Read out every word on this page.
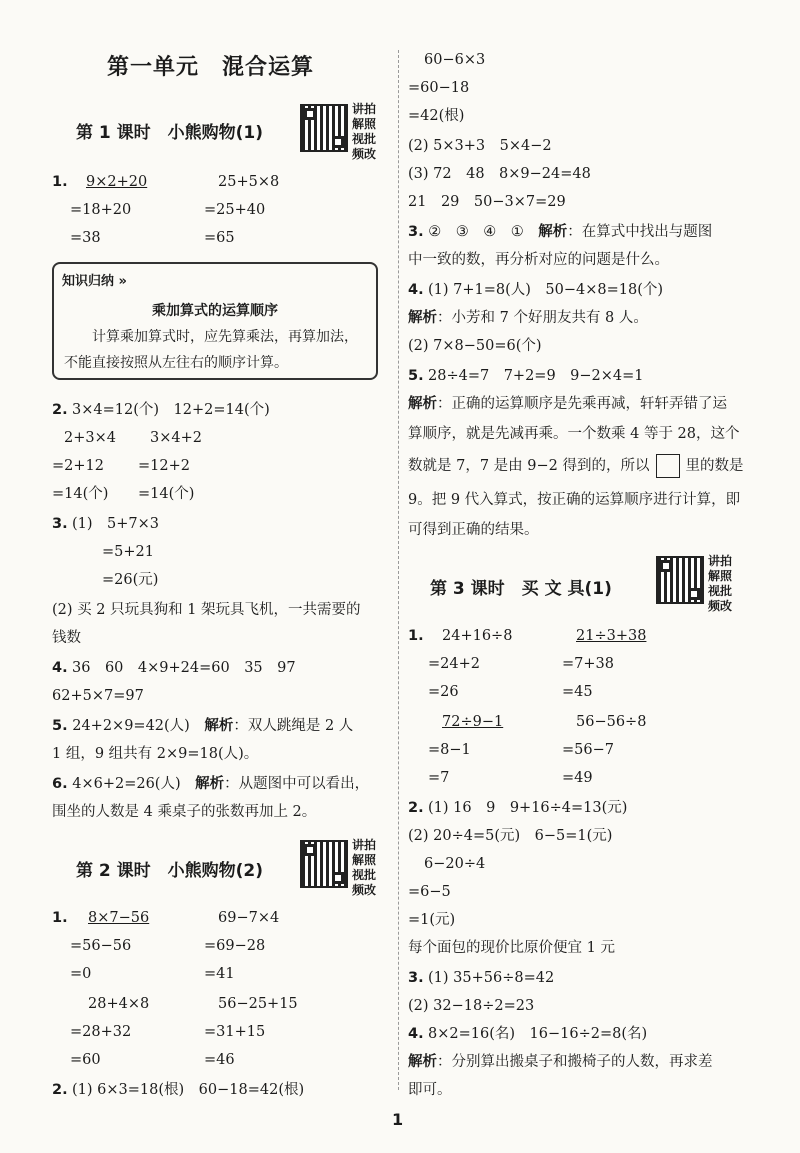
第一单元　混合运算
第 1 课时　小熊购物(1)
讲拍解照视批频改
1. 9×2+20
=18+20
=38
25+5×8
=25+40
=65
知识归纳 »
乘加算式的运算顺序
计算乘加算式时，应先算乘法，再算加法，不能直接按照从左往右的顺序计算。
2. 3×4=12(个)　12+2=14(个)
2+3×4
=2+12
=14(个)
3×4+2
=12+2
=14(个)
3. (1)　5+7×3
=5+21
=26(元)
(2) 买 2 只玩具狗和 1 架玩具飞机，一共需要的
钱数
4. 36　60　4×9+24=60　35　97
62+5×7=97
5. 24+2×9=42(人)　解析：双人跳绳是 2 人
1 组，9 组共有 2×9=18(人)。
6. 4×6+2=26(人)　解析：从题图中可以看出，
围坐的人数是 4 乘桌子的张数再加上 2。
第 2 课时　小熊购物(2)
讲拍解照视批频改
1. 8×7−56
=56−56
=0
69−7×4
=69−28
=41
28+4×8
=28+32
=60
56−25+15
=31+15
=46
2. (1) 6×3=18(根)　60−18=42(根)
60−6×3
=60−18
=42(根)
(2) 5×3+3　5×4−2
(3) 72　48　8×9−24=48
21　29　50−3×7=29
3. ②　③　④　①　解析：在算式中找出与题图
中一致的数，再分析对应的问题是什么。
4. (1) 7+1=8(人)　50−4×8=18(个)
解析：小芳和 7 个好朋友共有 8 人。
(2) 7×8−50=6(个)
5. 28÷4=7　7+2=9　9−2×4=1
解析：正确的运算顺序是先乘再减，轩轩弄错了运
算顺序，就是先减再乘。一个数乘 4 等于 28，这个
数就是 7，7 是由 9−2 得到的，所以 里的数是
9。把 9 代入算式，按正确的运算顺序进行计算，即
可得到正确的结果。
第 3 课时　买 文 具(1)
讲拍解照视批频改
1. 24+16÷8
=24+2
=26
21÷3+38
=7+38
=45
72÷9−1
=8−1
=7
56−56÷8
=56−7
=49
2. (1) 16　9　9+16÷4=13(元)
(2) 20÷4=5(元)　6−5=1(元)
6−20÷4
=6−5
=1(元)
每个面包的现价比原价便宜 1 元
3. (1) 35+56÷8=42
(2) 32−18÷2=23
4. 8×2=16(名)　16−16÷2=8(名)
解析：分别算出搬桌子和搬椅子的人数，再求差
即可。
1
